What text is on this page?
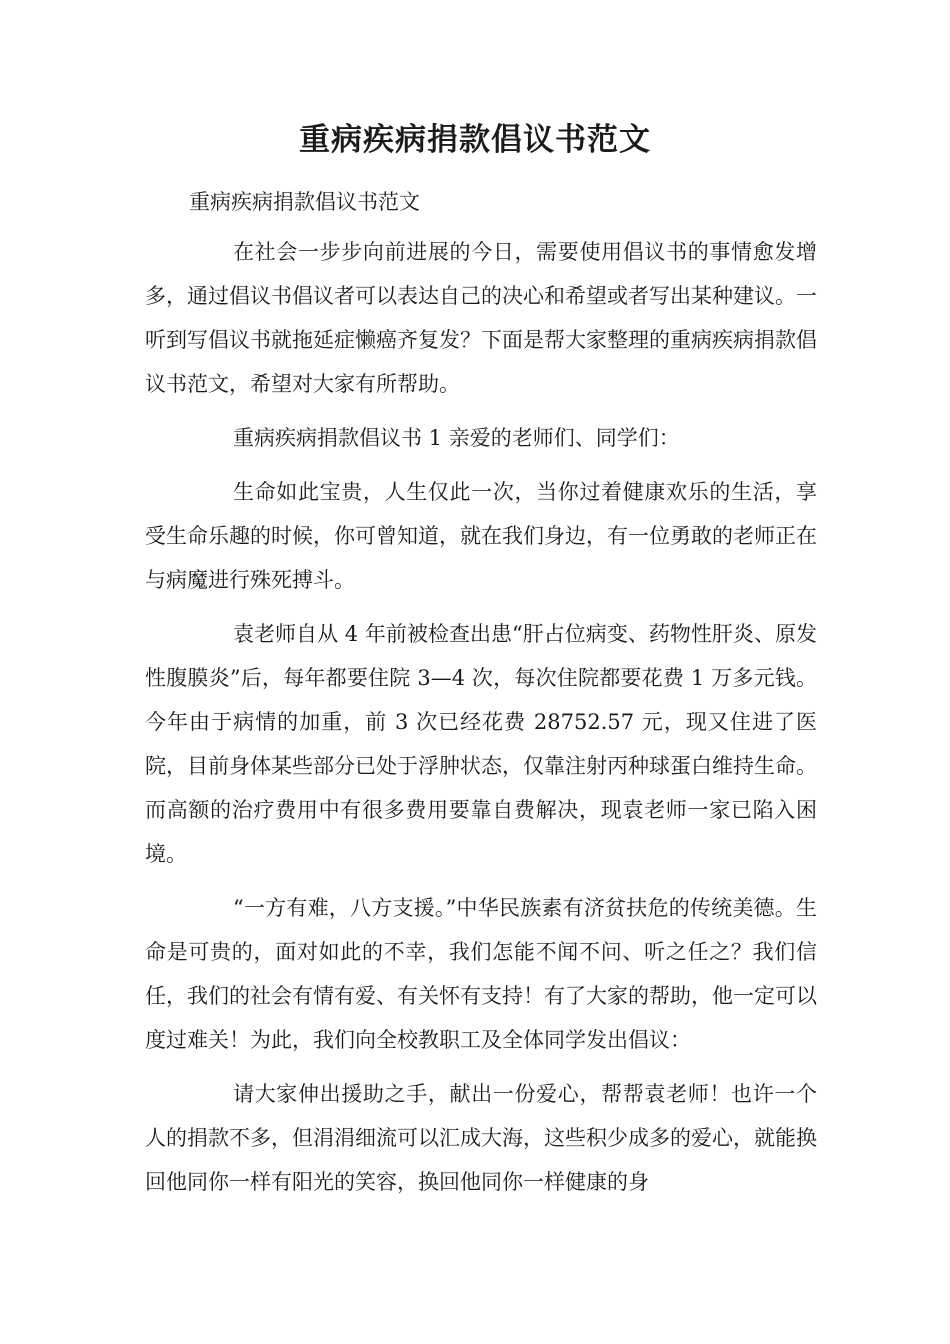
重病疾病捐款倡议书范文

重病疾病捐款倡议书范文

在社会一步步向前进展的今日，需要使用倡议书的事情愈发增多，通过倡议书倡议者可以表达自己的决心和希望或者写出某种建议。一听到写倡议书就拖延症懒癌齐复发？下面是帮大家整理的重病疾病捐款倡议书范文，希望对大家有所帮助。

重病疾病捐款倡议书 1 亲爱的老师们、同学们：

生命如此宝贵，人生仅此一次，当你过着健康欢乐的生活，享受生命乐趣的时候，你可曾知道，就在我们身边，有一位勇敢的老师正在与病魔进行殊死搏斗。

袁老师自从 4 年前被检查出患“肝占位病变、药物性肝炎、原发性腹膜炎”后，每年都要住院 3—4 次，每次住院都要花费 1 万多元钱。今年由于病情的加重，前 3 次已经花费 28752.57 元，现又住进了医院，目前身体某些部分已处于浮肿状态，仅靠注射丙种球蛋白维持生命。而高额的治疗费用中有很多费用要靠自费解决，现袁老师一家已陷入困境。

“一方有难，八方支援。”中华民族素有济贫扶危的传统美德。生命是可贵的，面对如此的不幸，我们怎能不闻不问、听之任之？我们信任，我们的社会有情有爱、有关怀有支持！有了大家的帮助，他一定可以度过难关！为此，我们向全校教职工及全体同学发出倡议：

请大家伸出援助之手，献出一份爱心，帮帮袁老师！也许一个人的捐款不多，但涓涓细流可以汇成大海，这些积少成多的爱心，就能换回他同你一样有阳光的笑容，换回他同你一样健康的身
